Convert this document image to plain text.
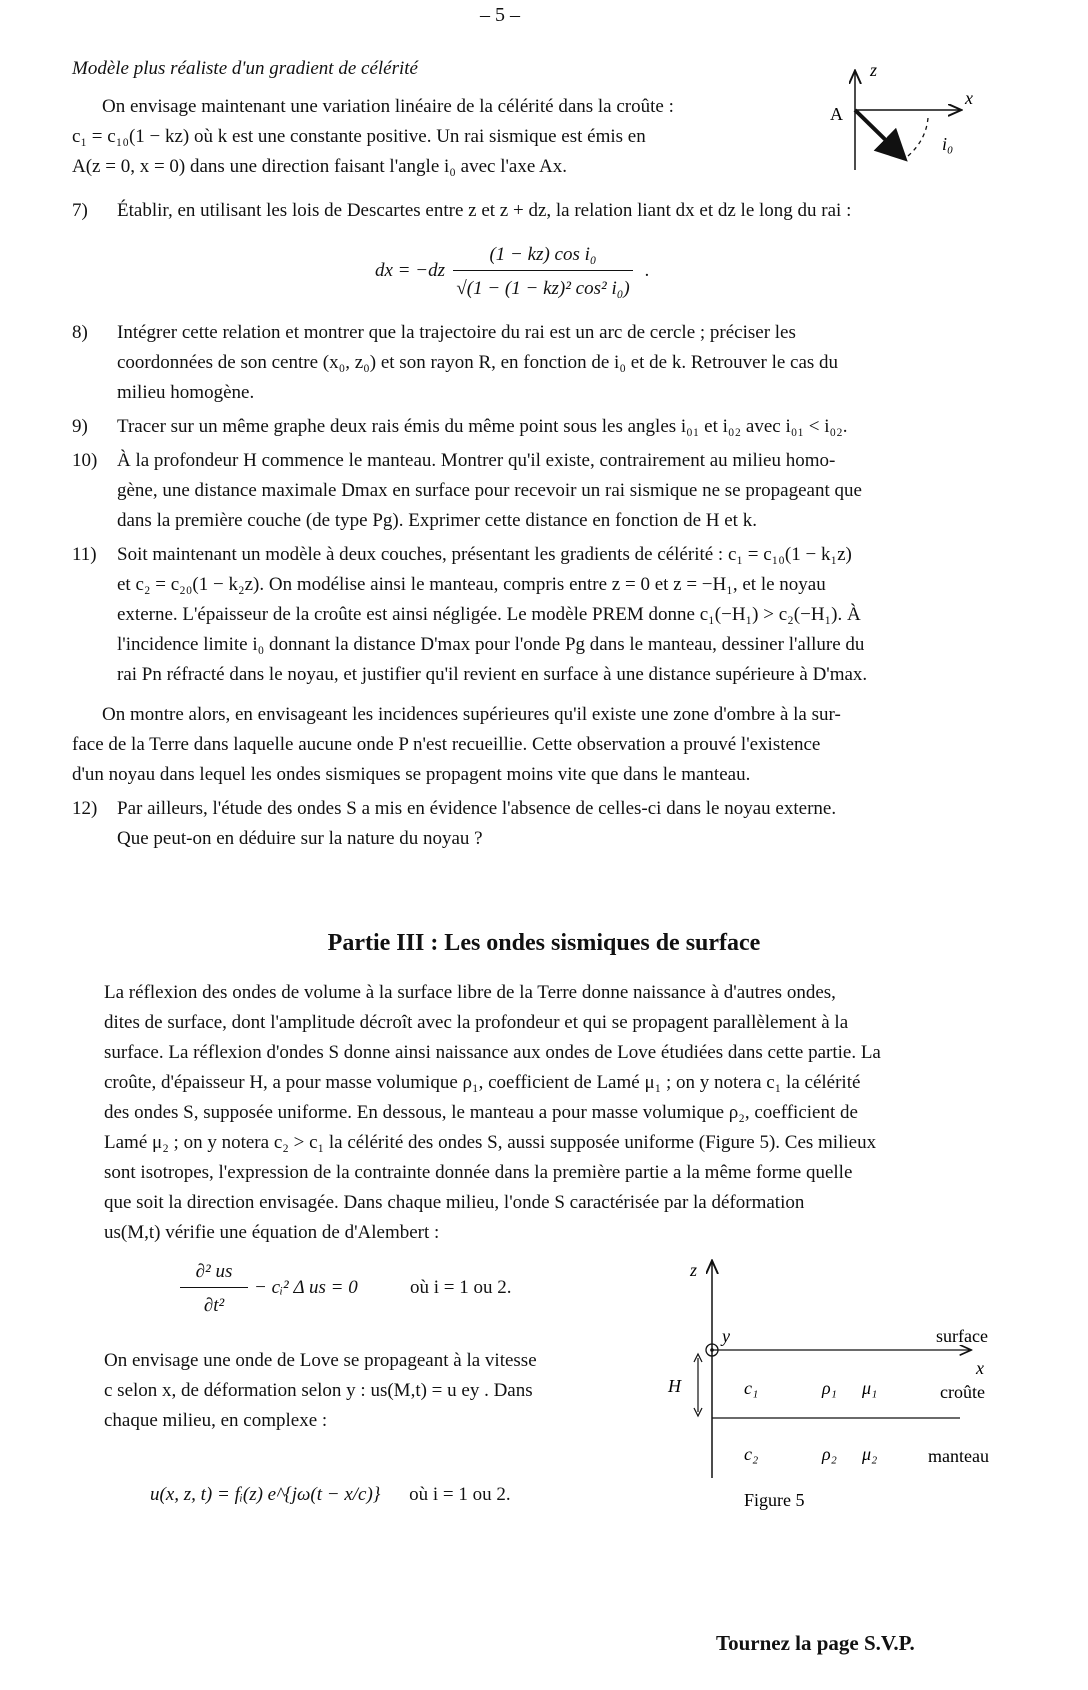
– 5 –
Modèle plus réaliste d'un gradient de célérité
On envisage maintenant une variation linéaire de la célérité dans la croûte :
c₁ = c₁₀(1 − kz) où k est une constante positive. Un rai sismique est émis en
A(z = 0, x = 0) dans une direction faisant l'angle i₀ avec l'axe Ax.
z
x
A
i₀
7) Établir, en utilisant les lois de Descartes entre z et z + dz, la relation liant dx et dz le long du rai :
dx = −dz
(1 − kz) cos i₀
√(1 − (1 − kz)² cos² i₀)
.
8) Intégrer cette relation et montrer que la trajectoire du rai est un arc de cercle ; préciser les
coordonnées de son centre (x₀, z₀) et son rayon R, en fonction de i₀ et de k. Retrouver le cas du
milieu homogène.
9) Tracer sur un même graphe deux rais émis du même point sous les angles i₀₁ et i₀₂ avec i₀₁ < i₀₂.
10) À la profondeur H commence le manteau. Montrer qu'il existe, contrairement au milieu homo-
gène, une distance maximale Dmax en surface pour recevoir un rai sismique ne se propageant que
dans la première couche (de type Pg). Exprimer cette distance en fonction de H et k.
11) Soit maintenant un modèle à deux couches, présentant les gradients de célérité : c₁ = c₁₀(1 − k₁z)
et c₂ = c₂₀(1 − k₂z). On modélise ainsi le manteau, compris entre z = 0 et z = −H₁, et le noyau
externe. L'épaisseur de la croûte est ainsi négligée. Le modèle PREM donne c₁(−H₁) > c₂(−H₁). À
l'incidence limite i₀ donnant la distance D'max pour l'onde Pg dans le manteau, dessiner l'allure du
rai Pn réfracté dans le noyau, et justifier qu'il revient en surface à une distance supérieure à D'max.
On montre alors, en envisageant les incidences supérieures qu'il existe une zone d'ombre à la sur-
face de la Terre dans laquelle aucune onde P n'est recueillie. Cette observation a prouvé l'existence
d'un noyau dans lequel les ondes sismiques se propagent moins vite que dans le manteau.
12) Par ailleurs, l'étude des ondes S a mis en évidence l'absence de celles-ci dans le noyau externe.
Que peut-on en déduire sur la nature du noyau ?
Partie III : Les ondes sismiques de surface
La réflexion des ondes de volume à la surface libre de la Terre donne naissance à d'autres ondes,
dites de surface, dont l'amplitude décroît avec la profondeur et qui se propagent parallèlement à la
surface. La réflexion d'ondes S donne ainsi naissance aux ondes de Love étudiées dans cette partie. La
croûte, d'épaisseur H, a pour masse volumique ρ₁, coefficient de Lamé μ₁ ; on y notera c₁ la célérité
des ondes S, supposée uniforme. En dessous, le manteau a pour masse volumique ρ₂, coefficient de
Lamé μ₂ ; on y notera c₂ > c₁ la célérité des ondes S, aussi supposée uniforme (Figure 5). Ces milieux
sont isotropes, l'expression de la contrainte donnée dans la première partie a la même forme quelle
que soit la direction envisagée. Dans chaque milieu, l'onde S caractérisée par la déformation
us(M,t) vérifie une équation de d'Alembert :
∂² us
∂t²
− cᵢ² Δ us = 0	où i = 1 ou 2.
On envisage une onde de Love se propageant à la vitesse
c selon x, de déformation selon y : us(M,t) = u ey . Dans
chaque milieu, en complexe :
u(x, z, t) = fᵢ(z) e^{jω(t − x/c)} où i = 1 ou 2.
z
y
x
H
surface
croûte
manteau
c₁	ρ₁ μ₁
c₂	ρ₂ μ₂
Figure 5
Tournez la page S.V.P.
